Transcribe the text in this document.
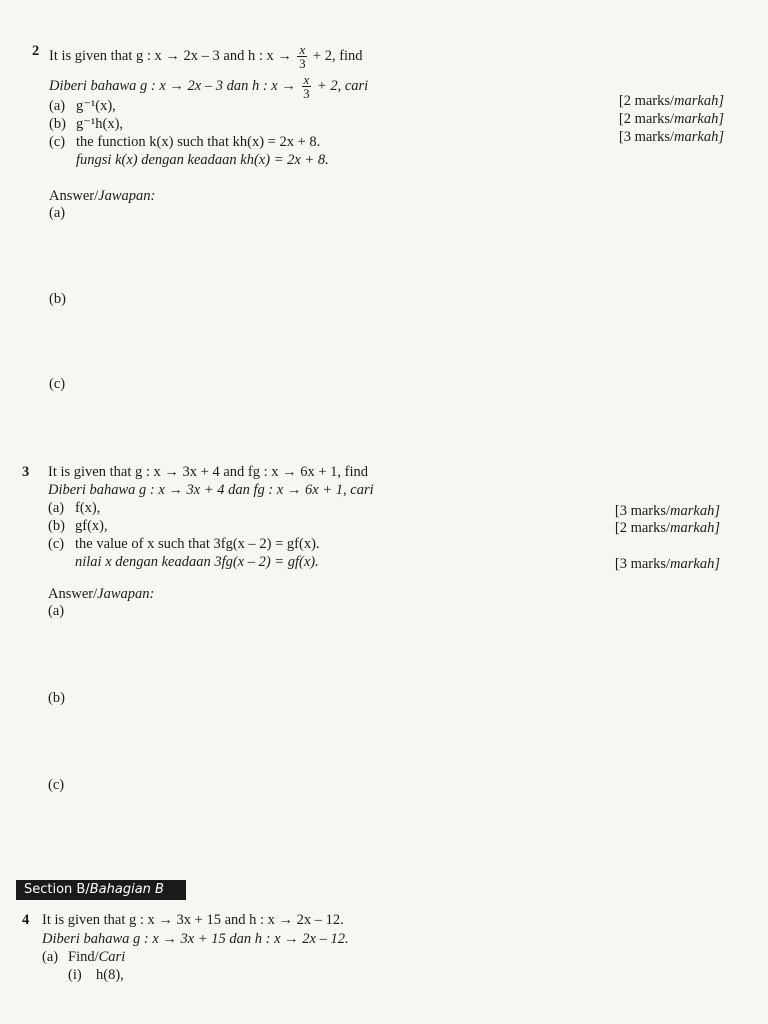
2 It is given that g : x → 2x – 3 and h : $x \to \frac{x}{3} + 2$, find
Diberi bahawa g : x → 2x – 3 dan h : $x \to \frac{x}{3} + 2$, cari
(a) g⁻¹(x),	[2 marks/markah]
(b) g⁻¹h(x),	[2 marks/markah]
(c) the function k(x) such that kh(x) = 2x + 8.
fungsi k(x) dengan keadaan kh(x) = 2x + 8.
[3 marks/markah]
Answer/Jawapan:
(a)
(b)
(c)
3 It is given that g : x → 3x + 4 and fg : x → 6x + 1, find
Diberi bahawa g : x → 3x + 4 dan fg : x → 6x + 1, cari
(a) f(x),	[3 marks/markah]
(b) gf(x),	[2 marks/markah]
(c) the value of x such that 3fg(x – 2) = gf(x).
nilai x dengan keadaan 3fg(x – 2) = gf(x).	[3 marks/markah]
Answer/Jawapan:
(a)
(b)
(c)
Section B/Bahagian B
4 It is given that g : x → 3x + 15 and h : x → 2x – 12.
Diberi bahawa g : x → 3x + 15 dan h : x → 2x – 12.
(a) Find/Cari
(i) h(8),
